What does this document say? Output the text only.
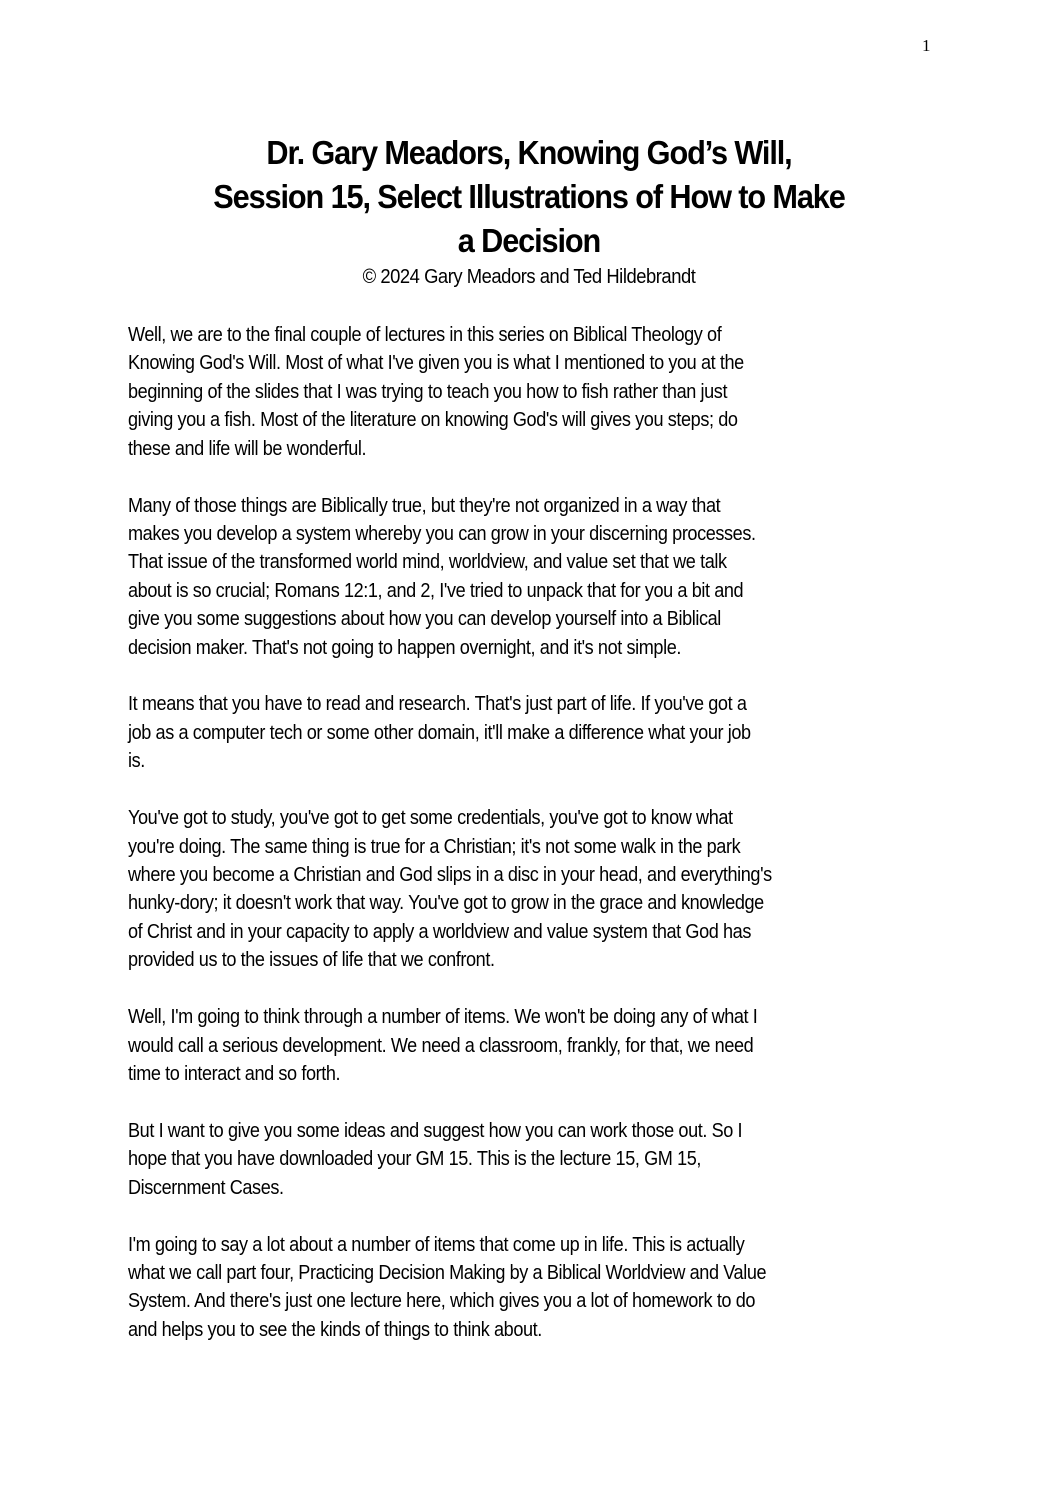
1
Dr. Gary Meadors, Knowing God’s Will,
Session 15, Select Illustrations of How to Make
a Decision
© 2024 Gary Meadors and Ted Hildebrandt

Well, we are to the final couple of lectures in this series on Biblical Theology of
Knowing God's Will. Most of what I've given you is what I mentioned to you at the
beginning of the slides that I was trying to teach you how to fish rather than just
giving you a fish. Most of the literature on knowing God's will gives you steps; do
these and life will be wonderful.

Many of those things are Biblically true, but they're not organized in a way that
makes you develop a system whereby you can grow in your discerning processes.
That issue of the transformed world mind, worldview, and value set that we talk
about is so crucial; Romans 12:1, and 2, I've tried to unpack that for you a bit and
give you some suggestions about how you can develop yourself into a Biblical
decision maker. That's not going to happen overnight, and it's not simple.

It means that you have to read and research. That's just part of life. If you've got a
job as a computer tech or some other domain, it'll make a difference what your job
is.

You've got to study, you've got to get some credentials, you've got to know what
you're doing. The same thing is true for a Christian; it's not some walk in the park
where you become a Christian and God slips in a disc in your head, and everything's
hunky-dory; it doesn't work that way. You've got to grow in the grace and knowledge
of Christ and in your capacity to apply a worldview and value system that God has
provided us to the issues of life that we confront.

Well, I'm going to think through a number of items. We won't be doing any of what I
would call a serious development. We need a classroom, frankly, for that, we need
time to interact and so forth.

But I want to give you some ideas and suggest how you can work those out. So I
hope that you have downloaded your GM 15. This is the lecture 15, GM 15,
Discernment Cases.

I'm going to say a lot about a number of items that come up in life. This is actually
what we call part four, Practicing Decision Making by a Biblical Worldview and Value
System. And there's just one lecture here, which gives you a lot of homework to do
and helps you to see the kinds of things to think about.
